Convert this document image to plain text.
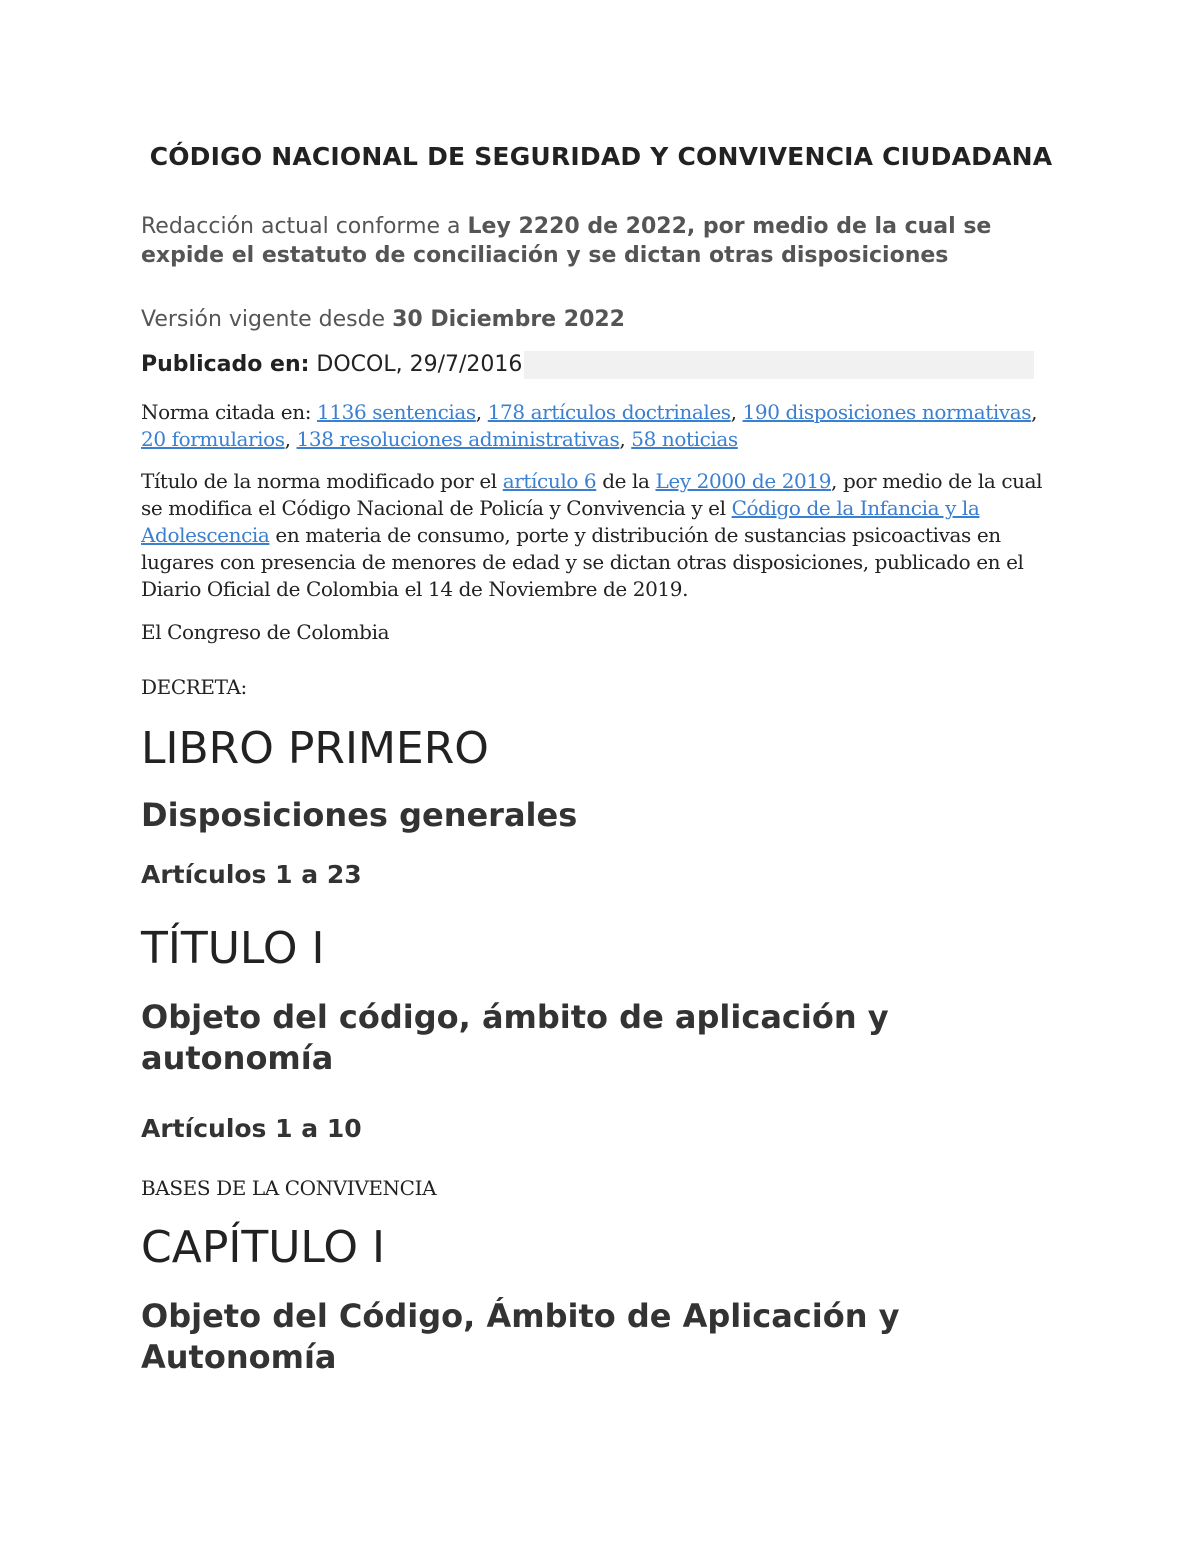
CÓDIGO NACIONAL DE SEGURIDAD Y CONVIVENCIA CIUDADANA

Redacción actual conforme a Ley 2220 de 2022, por medio de la cual se expide el estatuto de conciliación y se dictan otras disposiciones

Versión vigente desde 30 Diciembre 2022

Publicado en: DOCOL, 29/7/2016

Norma citada en: 1136 sentencias, 178 artículos doctrinales, 190 disposiciones normativas, 20 formularios, 138 resoluciones administrativas, 58 noticias

Título de la norma modificado por el artículo 6 de la Ley 2000 de 2019, por medio de la cual se modifica el Código Nacional de Policía y Convivencia y el Código de la Infancia y la Adolescencia en materia de consumo, porte y distribución de sustancias psicoactivas en lugares con presencia de menores de edad y se dictan otras disposiciones, publicado en el Diario Oficial de Colombia el 14 de Noviembre de 2019.

El Congreso de Colombia

DECRETA:

LIBRO PRIMERO
Disposiciones generales
Artículos 1 a 23
TÍTULO I
Objeto del código, ámbito de aplicación y autonomía
Artículos 1 a 10

BASES DE LA CONVIVENCIA

CAPÍTULO I
Objeto del Código, Ámbito de Aplicación y Autonomía
